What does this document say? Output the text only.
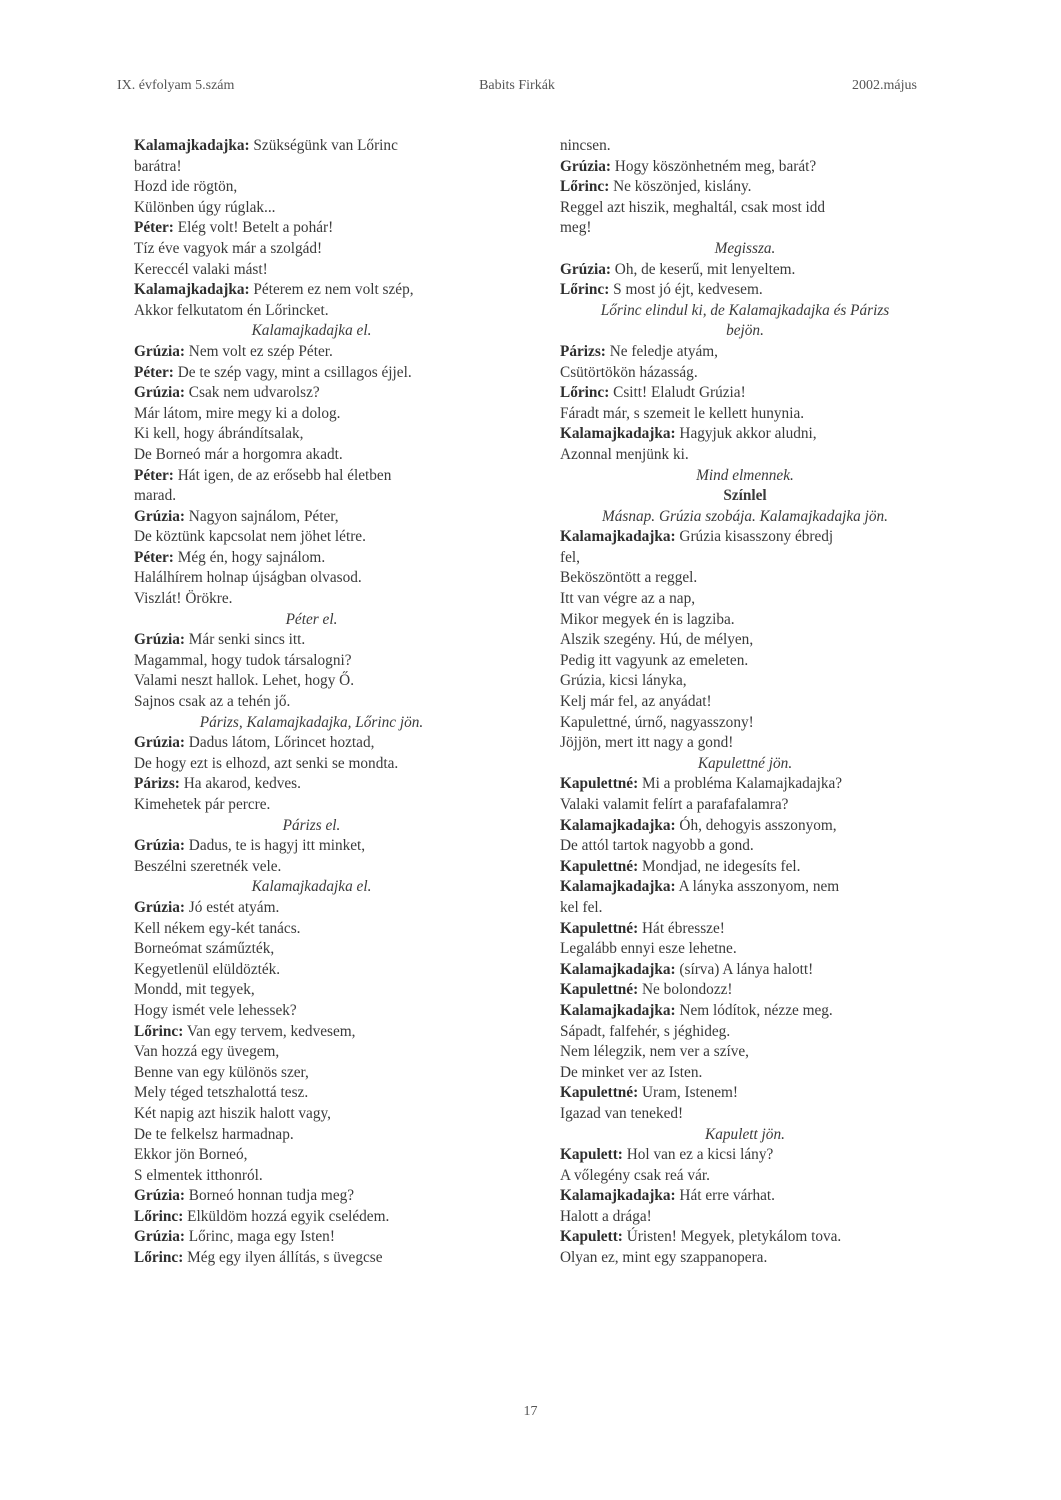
IX. évfolyam 5.szám	Babits Firkák	2002.május
Kalamajkadajka: Szükségünk van Lőrinc
barátra!
Hozd ide rögtön,
Különben úgy rúglak...
Péter: Elég volt! Betelt a pohár!
Tíz éve vagyok már a szolgád!
Kerессél valaki mást!
Kalamajkadajka: Péterem ez nem volt szép,
Akkor felkutatom én Lőrincket.
Kalamajkadajka el.
Grúzia: Nem volt ez szép Péter.
Péter: De te szép vagy, mint a csillagos éjjel.
Grúzia: Csak nem udvarolsz?
Már látom, mire megy ki a dolog.
Ki kell, hogy ábrándítsalak,
De Borneó már a horgomra akadt.
Péter: Hát igen, de az erősebb hal életben
marad.
Grúzia: Nagyon sajnálom, Péter,
De köztünk kapcsolat nem jöhet létre.
Péter: Még én, hogy sajnálom.
Halálhírem holnap újságban olvasod.
Viszlát! Örökre.
Péter el.
Grúzia: Már senki sincs itt.
Magammal, hogy tudok társalogni?
Valami neszt hallok. Lehet, hogy Ő.
Sajnos csak az a tehén jő.
Párizs, Kalamajkadajka, Lőrinc jön.
Grúzia: Dadus látom, Lőrincet hoztad,
De hogy ezt is elhozd, azt senki se mondta.
Párizs: Ha akarod, kedves.
Kimehetek pár percre.
Párizs el.
Grúzia: Dadus, te is hagyj itt minket,
Beszélni szeretnék vele.
Kalamajkadajka el.
Grúzia: Jó estét atyám.
Kell nékem egy-két tanács.
Borneómat száműzték,
Kegyetlenül elüldözték.
Mondd, mit tegyek,
Hogy ismét vele lehessek?
Lőrinc: Van egy tervem, kedvesem,
Van hozzá egy üvegem,
Benne van egy különös szer,
Mely téged tetszhalottá tesz.
Két napig azt hiszik halott vagy,
De te felkelsz harmadnap.
Ekkor jön Borneó,
S elmentek itthonról.
Grúzia: Borneó honnan tudja meg?
Lőrinc: Elküldöm hozzá egyik cselédem.
Grúzia: Lőrinc, maga egy Isten!
Lőrinc: Még egy ilyen állítás, s üvegcse
nincsen.
Grúzia: Hogy köszönhetném meg, barát?
Lőrinc: Ne köszönjed, kislány.
Reggel azt hiszik, meghaltál, csak most idd
meg!
Megissza.
Grúzia: Oh, de keserű, mit lenyeltem.
Lőrinc: S most jó éjt, kedvesem.
Lőrinc elindul ki, de Kalamajkadajka és Párizs
bejön.
Párizs: Ne feledje atyám,
Csütörtökön házasság.
Lőrinc: Csitt! Elaludt Grúzia!
Fáradt már, s szemeit le kellett hunynia.
Kalamajkadajka: Hagyjuk akkor aludni,
Azonnal menjünk ki.
Mind elmennek.
Színlel
Másnap. Grúzia szobája. Kalamajkadajka jön.
Kalamajkadajka: Grúzia kisasszony ébredj
fel,
Beköszöntött a reggel.
Itt van végre az a nap,
Mikor megyek én is lagziba.
Alszik szegény. Hú, de mélyen,
Pedig itt vagyunk az emeleten.
Grúzia, kicsi lányka,
Kelj már fel, az anyádat!
Kapulettné, úrnő, nagyasszony!
Jöjjön, mert itt nagy a gond!
Kapulettné jön.
Kapulettné: Mi a probléma Kalamajkadajka?
Valaki valamit felírt a parafafalamra?
Kalamajkadajka: Óh, dehogyis asszonyom,
De attól tartok nagyobb a gond.
Kapulettné: Mondjad, ne idegesíts fel.
Kalamajkadajka: A lányka asszonyom, nem
kel fel.
Kapulettné: Hát ébressze!
Legalább ennyi esze lehetne.
Kalamajkadajka: (sírva) A lánya halott!
Kapulettné: Ne bolondozz!
Kalamajkadajka: Nem lódítok, nézze meg.
Sápadt, falfehér, s jéghideg.
Nem lélegzik, nem ver a szíve,
De minket ver az Isten.
Kapulettné: Uram, Istenem!
Igazad van teneked!
Kapulett jön.
Kapulett: Hol van ez a kicsi lány?
A vőlegény csak reá vár.
Kalamajkadajka: Hát erre várhat.
Halott a drága!
Kapulett: Úristen! Megyek, pletykálom tova.
Olyan ez, mint egy szappanopera.
17
